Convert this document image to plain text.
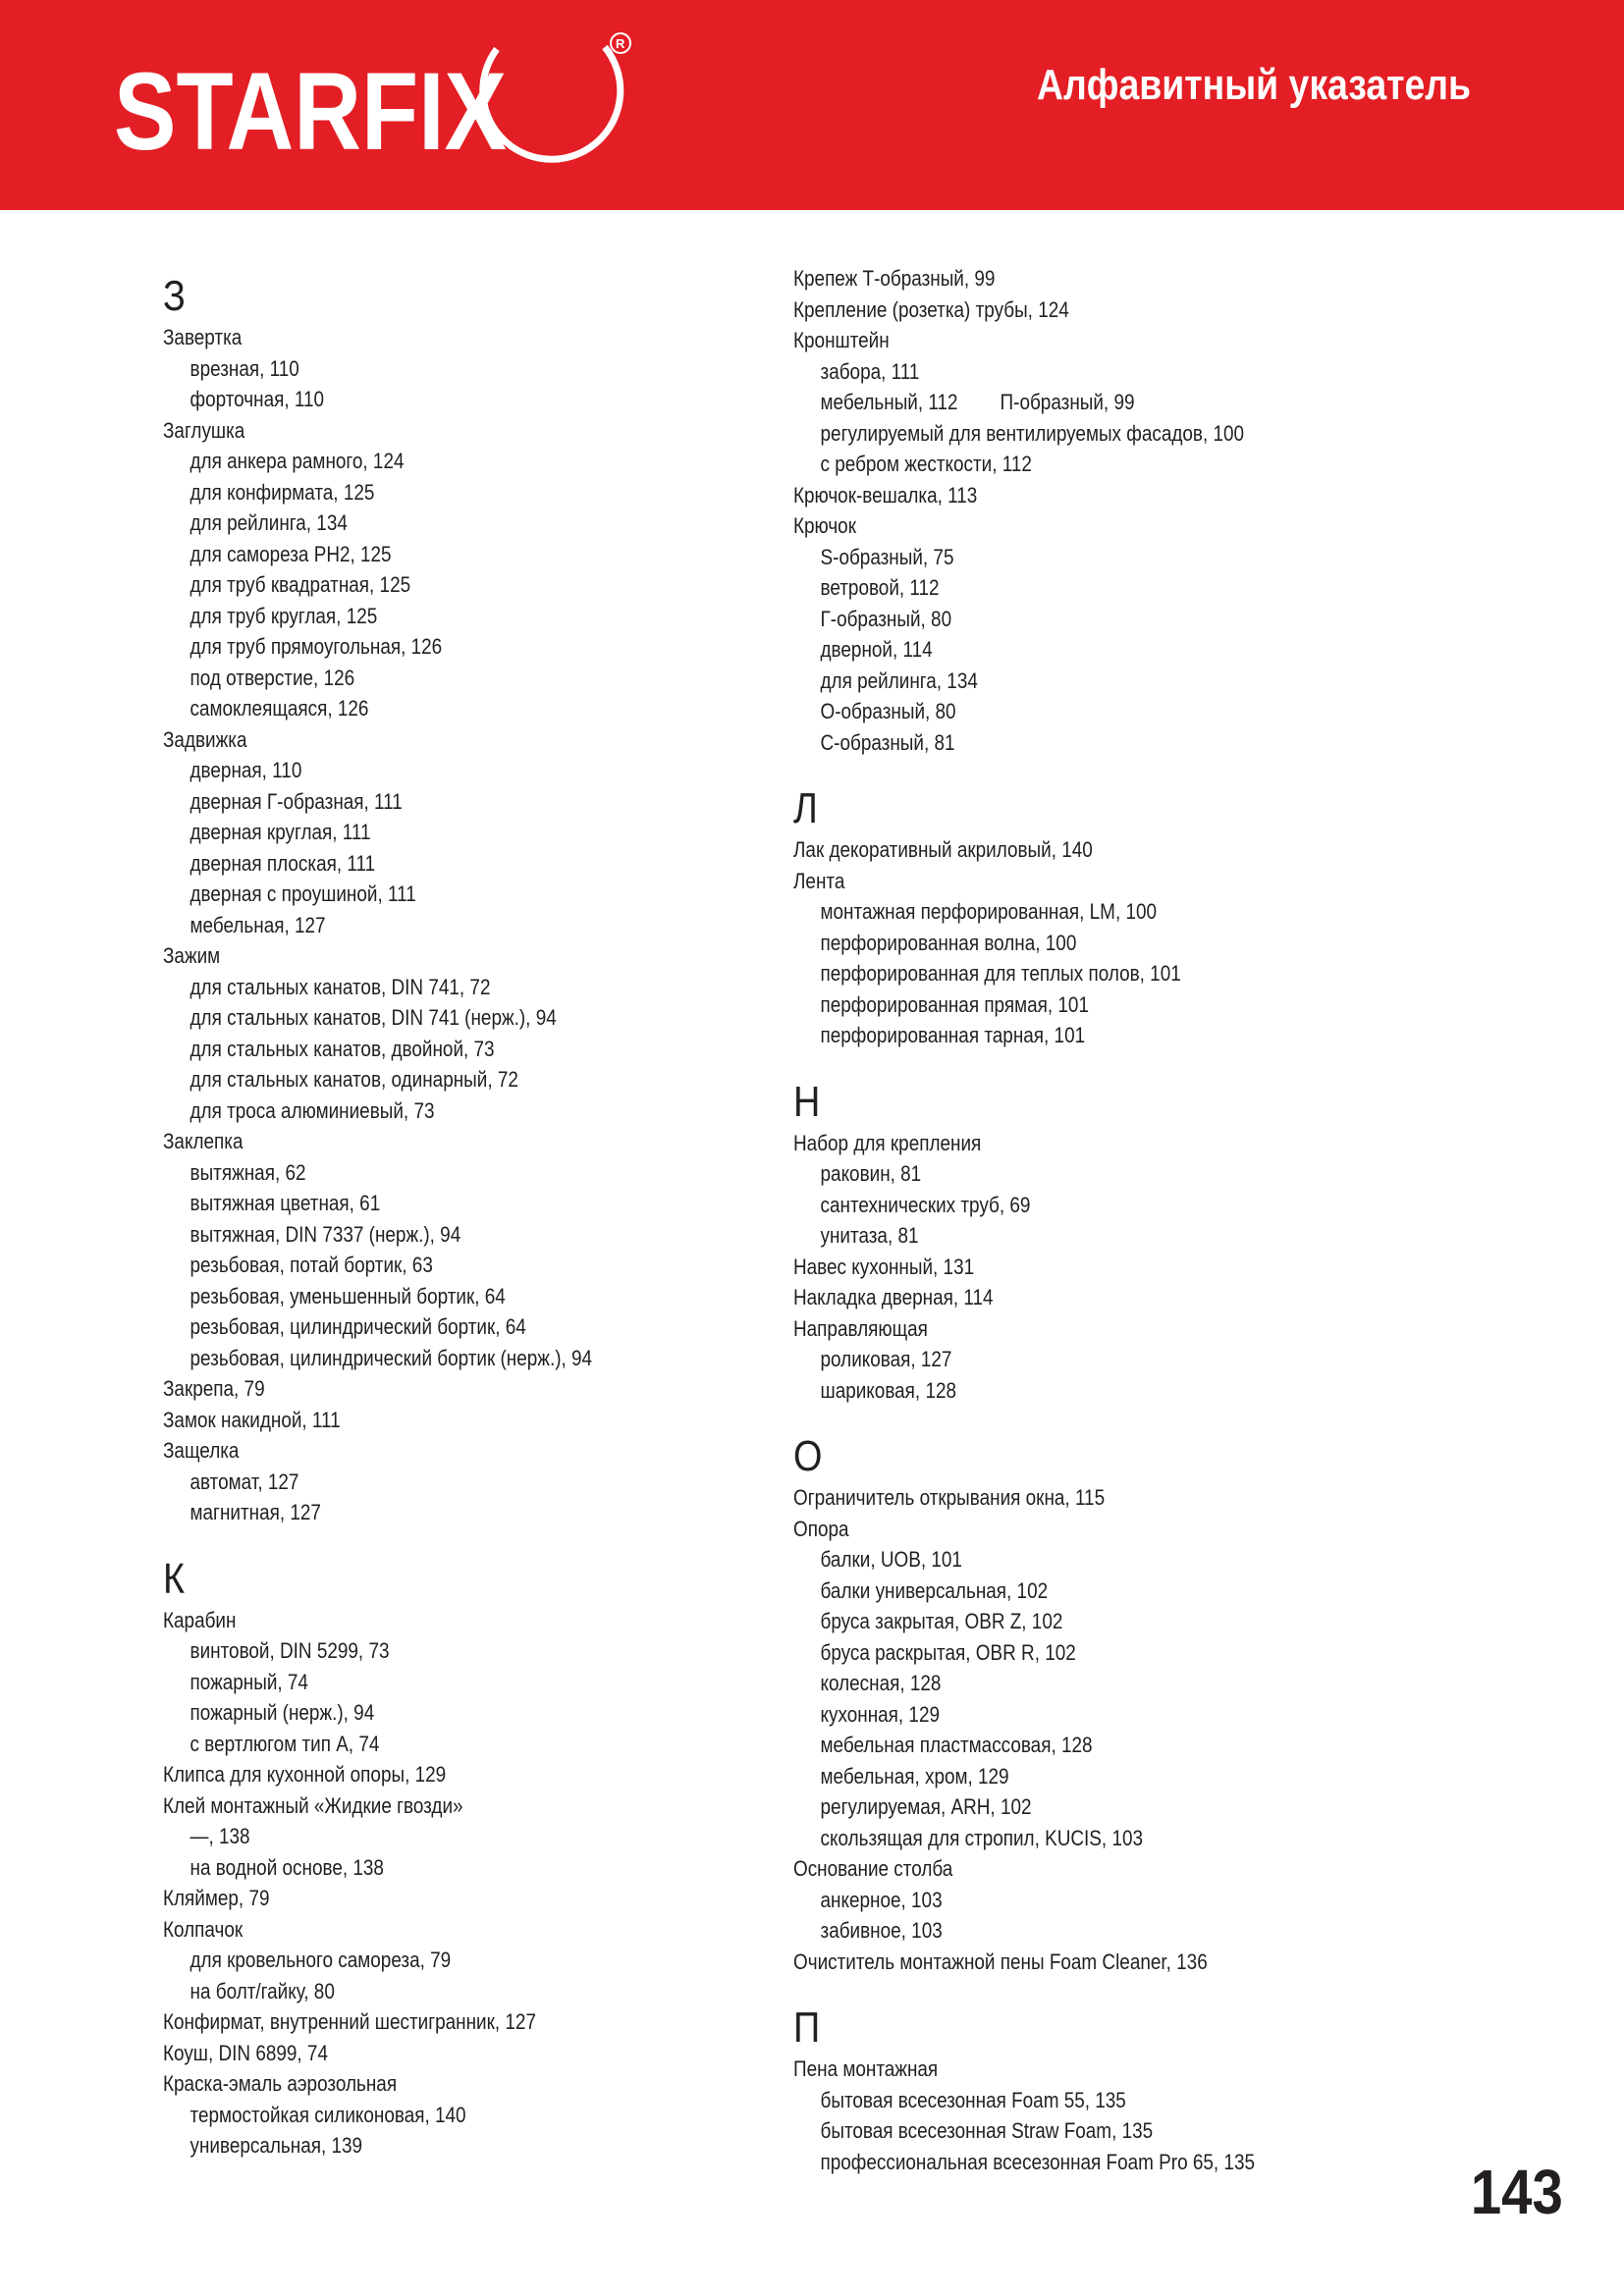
STARFIX
R
Алфавитный указатель
З
Завертка
врезная, 110
форточная, 110
Заглушка
для анкера рамного, 124
для конфирмата, 125
для рейлинга, 134
для самореза PH2, 125
для труб квадратная, 125
для труб круглая, 125
для труб прямоугольная, 126
под отверстие, 126
самоклеящаяся, 126
Задвижка
дверная, 110
дверная Г-образная, 111
дверная круглая, 111
дверная плоская, 111
дверная с проушиной, 111
мебельная, 127
Зажим
для стальных канатов, DIN 741, 72
для стальных канатов, DIN 741 (нерж.), 94
для стальных канатов, двойной, 73
для стальных канатов, одинарный, 72
для троса алюминиевый, 73
Заклепка
вытяжная, 62
вытяжная цветная, 61
вытяжная, DIN 7337 (нерж.), 94
резьбовая, потай бортик, 63
резьбовая, уменьшенный бортик, 64
резьбовая, цилиндрический бортик, 64
резьбовая, цилиндрический бортик (нерж.), 94
Закрепа, 79
Замок накидной, 111
Защелка
автомат, 127
магнитная, 127
К
Карабин
винтовой, DIN 5299, 73
пожарный, 74
пожарный (нерж.), 94
с вертлюгом тип А, 74
Клипса для кухонной опоры, 129
Клей монтажный «Жидкие гвозди»
—, 138
на водной основе, 138
Кляймер, 79
Колпачок
для кровельного самореза, 79
на болт/гайку, 80
Конфирмат, внутренний шестигранник, 127
Коуш, DIN 6899, 74
Краска-эмаль аэрозольная
термостойкая силиконовая, 140
универсальная, 139
Крепеж Т-образный, 99
Крепление (розетка) трубы, 124
Кронштейн
забора, 111
мебельный, 112 П-образный, 99
регулируемый для вентилируемых фасадов, 100
с ребром жесткости, 112
Крючок-вешалка, 113
Крючок
S-образный, 75
ветровой, 112
Г-образный, 80
дверной, 114
для рейлинга, 134
О-образный, 80
С-образный, 81
Л
Лак декоративный акриловый, 140
Лента
монтажная перфорированная, LM, 100
перфорированная волна, 100
перфорированная для теплых полов, 101
перфорированная прямая, 101
перфорированная тарная, 101
Н
Набор для крепления
раковин, 81
сантехнических труб, 69
унитаза, 81
Навес кухонный, 131
Накладка дверная, 114
Направляющая
роликовая, 127
шариковая, 128
О
Ограничитель открывания окна, 115
Опора
балки, UOB, 101
балки универсальная, 102
бруса закрытая, OBR Z, 102
бруса раскрытая, OBR R, 102
колесная, 128
кухонная, 129
мебельная пластмассовая, 128
мебельная, хром, 129
регулируемая, ARH, 102
скользящая для стропил, KUCIS, 103
Основание столба
анкерное, 103
забивное, 103
Очиститель монтажной пены Foam Cleaner, 136
П
Пена монтажная
бытовая всесезонная Foam 55, 135
бытовая всесезонная Straw Foam, 135
профессиональная всесезонная Foam Pro 65, 135	143
